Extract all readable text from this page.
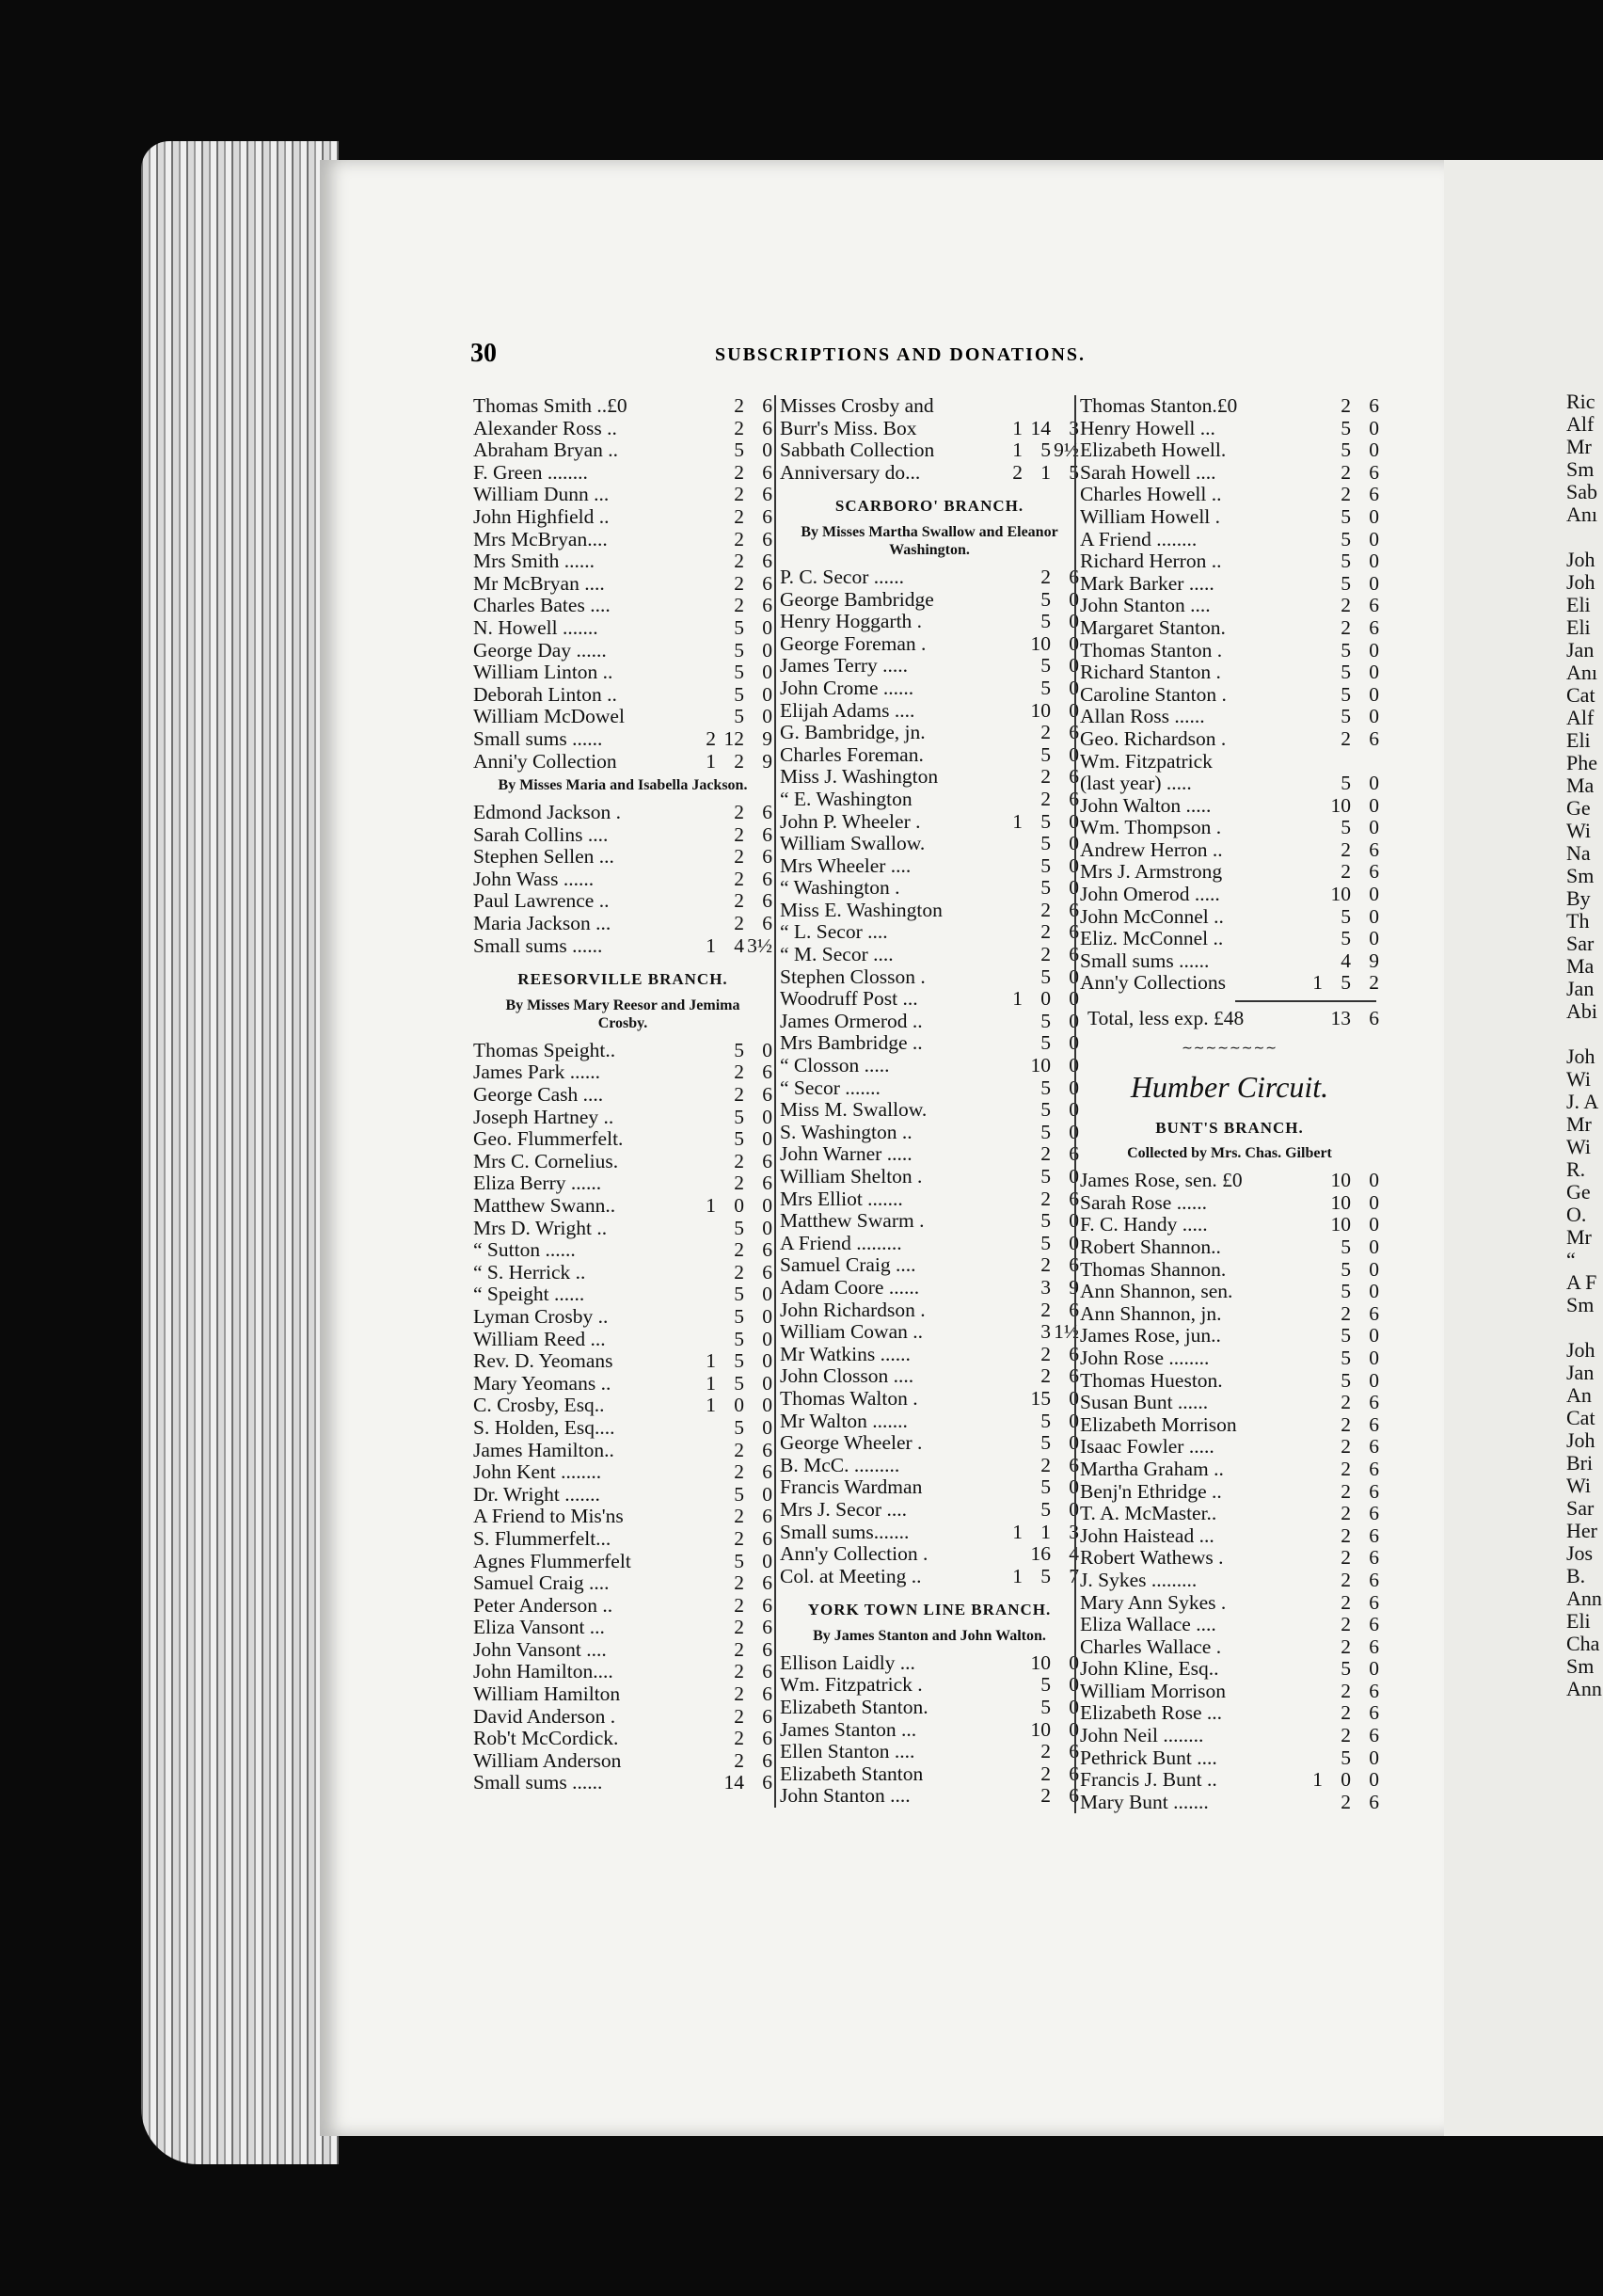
Ric
Alf
Mr
Sm
Sab
Anı
Joh
Joh
Eli
Eli
Jan
Anı
Cat
Alf
Eli
Phe
Ma
Ge
Wi
Na
Sm
By
Th
Sar
Ma
Jan
Abi
Joh
Wi
J. A
Mr
Wi
R.
Ge
O.
Mr
“
A F
Sm
Joh
Jan
An
Cat
Joh
Bri
Wi
Sar
Her
Jos
B.
Ann
Eli
Cha
Sm
Ann
30	SUBSCRIPTIONS AND DONATIONS.
Thomas Smith ..£0	2 6
Alexander Ross ..	2 6
Abraham Bryan ..	5 0
F. Green ........	2 6
William Dunn ...	2 6
John Highfield ..	2 6
Mrs McBryan....	2 6
Mrs Smith ......	2 6
Mr McBryan ....	2 6
Charles Bates ....	2 6
N. Howell .......	5 0
George Day ......	5 0
William Linton ..	5 0
Deborah Linton ..	5 0
William McDowel	5 0
Small sums ......	2 12 9
Anni'y Collection	1 2 9
By Misses Maria and Isabella Jackson.
Edmond Jackson .	2 6
Sarah Collins ....	2 6
Stephen Sellen ...	2 6
John Wass ......	2 6
Paul Lawrence ..	2 6
Maria Jackson ...	2 6
Small sums ......	1 4 3½
REESORVILLE BRANCH.
By Misses Mary Reesor and Jemima Crosby.
Thomas Speight..	5 0
James Park ......	2 6
George Cash ....	2 6
Joseph Hartney ..	5 0
Geo. Flummerfelt.	5 0
Mrs C. Cornelius.	2 6
Eliza Berry ......	2 6
Matthew Swann..	1 0 0
Mrs D. Wright ..	5 0
“ Sutton ......	2 6
“ S. Herrick ..	2 6
“ Speight ......	5 0
Lyman Crosby ..	5 0
William Reed ...	5 0
Rev. D. Yeomans	1 5 0
Mary Yeomans ..	1 5 0
C. Crosby, Esq..	1 0 0
S. Holden, Esq....	5 0
James Hamilton..	2 6
John Kent ........	2 6
Dr. Wright .......	5 0
A Friend to Mis'ns	2 6
S. Flummerfelt...	2 6
Agnes Flummerfelt	5 0
Samuel Craig ....	2 6
Peter Anderson ..	2 6
Eliza Vansont ...	2 6
John Vansont ....	2 6
John Hamilton....	2 6
William Hamilton	2 6
David Anderson .	2 6
Rob't McCordick.	2 6
William Anderson	2 6
Small sums ......	14 6
Misses Crosby and
Burr's Miss. Box	1 14 3
Sabbath Collection	1 5 9½
Anniversary do...	2 1 5
SCARBORO' BRANCH.
By Misses Martha Swallow and Eleanor Washington.
P. C. Secor ......	2 6
George Bambridge	5 0
Henry Hoggarth .	5 0
George Foreman .	10 0
James Terry .....	5 0
John Crome ......	5 0
Elijah Adams ....	10 0
G. Bambridge, jn.	2 6
Charles Foreman.	5 0
Miss J. Washington	2 6
“ E. Washington	2 6
John P. Wheeler .	1 5 0
William Swallow.	5 0
Mrs Wheeler ....	5 0
“ Washington .	5 0
Miss E. Washington	2 6
“ L. Secor ....	2 6
“ M. Secor ....	2 6
Stephen Closson .	5 0
Woodruff Post ...	1 0 0
James Ormerod ..	5 0
Mrs Bambridge ..	5 0
“ Closson .....	10 0
“ Secor .......	5 0
Miss M. Swallow.	5 0
S. Washington ..	5 0
John Warner .....	2 6
William Shelton .	5 0
Mrs Elliot .......	2 6
Matthew Swarm .	5 0
A Friend .........	5 0
Samuel Craig ....	2 6
Adam Coore ......	3 9
John Richardson .	2 6
William Cowan ..	3 1½
Mr Watkins ......	2 6
John Closson ....	2 6
Thomas Walton .	15 0
Mr Walton .......	5 0
George Wheeler .	5 0
B. McC. .........	2 6
Francis Wardman	5 0
Mrs J. Secor ....	5 0
Small sums.......	1 1 3
Ann'y Collection .	16 4
Col. at Meeting ..	1 5 7
YORK TOWN LINE BRANCH.
By James Stanton and John Walton.
Ellison Laidly ...	10 0
Wm. Fitzpatrick .	5 0
Elizabeth Stanton.	5 0
James Stanton ...	10 0
Ellen Stanton ....	2 6
Elizabeth Stanton	2 6
John Stanton ....	2 6
Thomas Stanton.£0	2 6
Henry Howell ...	5 0
Elizabeth Howell.	5 0
Sarah Howell ....	2 6
Charles Howell ..	2 6
William Howell .	5 0
A Friend ........	5 0
Richard Herron ..	5 0
Mark Barker .....	5 0
John Stanton ....	2 6
Margaret Stanton.	2 6
Thomas Stanton .	5 0
Richard Stanton .	5 0
Caroline Stanton .	5 0
Allan Ross ......	5 0
Geo. Richardson .	2 6
Wm. Fitzpatrick
(last year) .....	5 0
John Walton .....	10 0
Wm. Thompson .	5 0
Andrew Herron ..	2 6
Mrs J. Armstrong	2 6
John Omerod .....	10 0
John McConnel ..	5 0
Eliz. McConnel ..	5 0
Small sums ......	4 9
Ann'y Collections	1 5 2
Total, less exp. £48	13 6
∼∼∼∼∼∼∼∼
Humber Circuit.
BUNT'S BRANCH.
Collected by Mrs. Chas. Gilbert
James Rose, sen. £0	10 0
Sarah Rose ......	10 0
F. C. Handy .....	10 0
Robert Shannon..	5 0
Thomas Shannon.	5 0
Ann Shannon, sen.	5 0
Ann Shannon, jn.	2 6
James Rose, jun..	5 0
John Rose ........	5 0
Thomas Hueston.	5 0
Susan Bunt ......	2 6
Elizabeth Morrison	2 6
Isaac Fowler .....	2 6
Martha Graham ..	2 6
Benj'n Ethridge ..	2 6
T. A. McMaster..	2 6
John Haistead ...	2 6
Robert Wathews .	2 6
J. Sykes .........	2 6
Mary Ann Sykes .	2 6
Eliza Wallace ....	2 6
Charles Wallace .	2 6
John Kline, Esq..	5 0
William Morrison	2 6
Elizabeth Rose ...	2 6
John Neil ........	2 6
Pethrick Bunt ....	5 0
Francis J. Bunt ..	1 0 0
Mary Bunt .......	2 6
